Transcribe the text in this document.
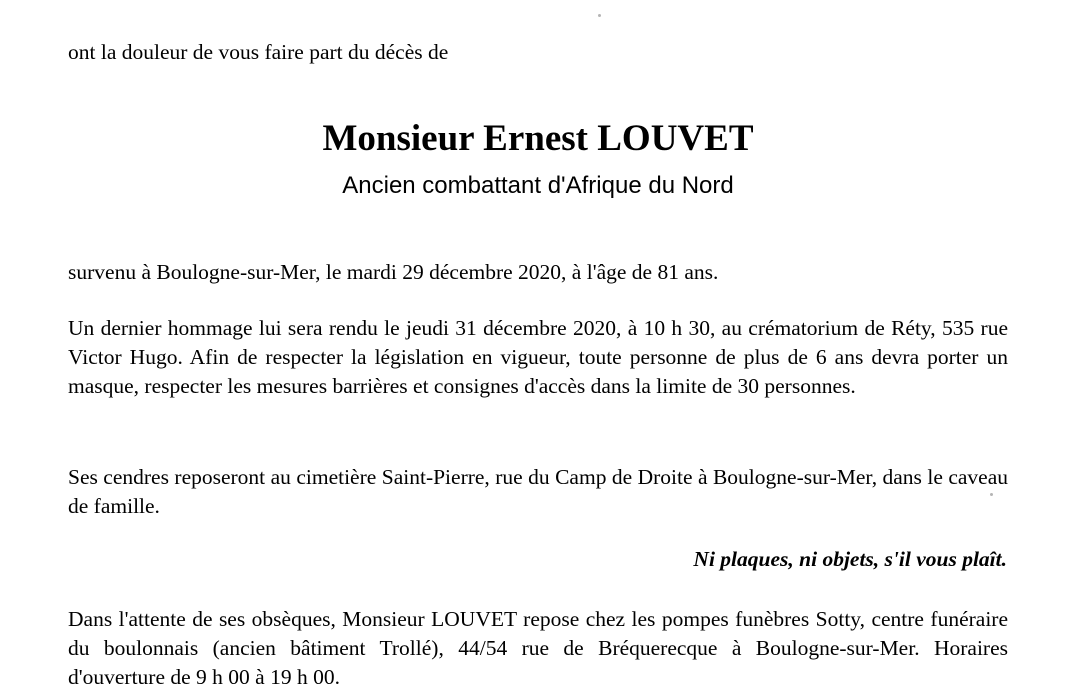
ont la douleur de vous faire part du décès de
Monsieur Ernest LOUVET
Ancien combattant d'Afrique du Nord
survenu à Boulogne-sur-Mer, le mardi 29 décembre 2020, à l'âge de 81 ans.
Un dernier hommage lui sera rendu le jeudi 31 décembre 2020, à 10 h 30, au crématorium de Réty, 535 rue Victor Hugo. Afin de respecter la législation en vigueur, toute personne de plus de 6 ans devra porter un masque, respecter les mesures barrières et consignes d'accès dans la limite de 30 personnes.
Ses cendres reposeront au cimetière Saint-Pierre, rue du Camp de Droite à Boulogne-sur-Mer, dans le caveau de famille.
Ni plaques, ni objets, s'il vous plaît.
Dans l'attente de ses obsèques, Monsieur LOUVET repose chez les pompes funèbres Sotty, centre funéraire du boulonnais (ancien bâtiment Trollé), 44/54 rue de Bréquerecque à Boulogne-sur-Mer. Horaires d'ouverture de 9 h 00 à 19 h 00.
